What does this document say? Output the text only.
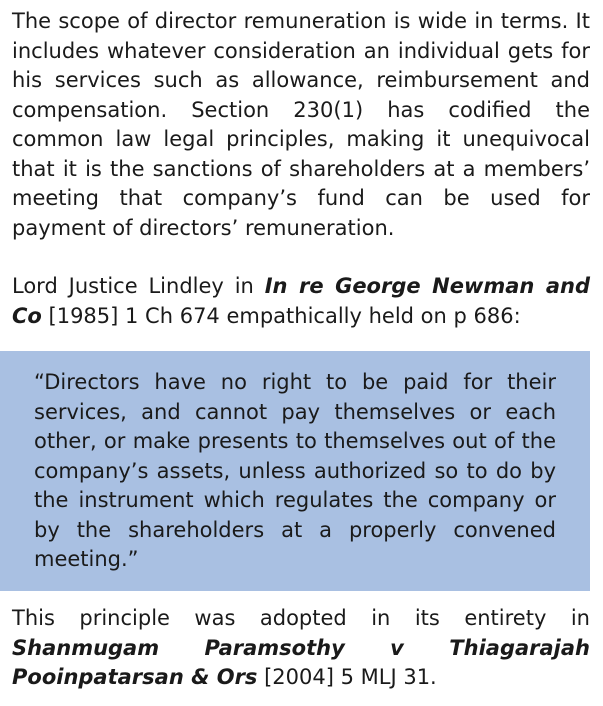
The scope of director remuneration is wide in terms. It includes whatever consideration an individual gets for his services such as allowance, reimbursement and compensation. Section 230(1) has codified the common law legal principles, making it unequivocal that it is the sanctions of shareholders at a members’ meeting that company’s fund can be used for payment of directors’ remuneration.

Lord Justice Lindley in In re George Newman and Co [1985] 1 Ch 674 empathically held on p 686:

“Directors have no right to be paid for their services, and cannot pay themselves or each other, or make presents to themselves out of the company’s assets, unless authorized so to do by the instrument which regulates the company or by the shareholders at a properly convened meeting.”

This principle was adopted in its entirety in Shanmugam Paramsothy v Thiagarajah Pooinpatarsan & Ors [2004] 5 MLJ 31.
